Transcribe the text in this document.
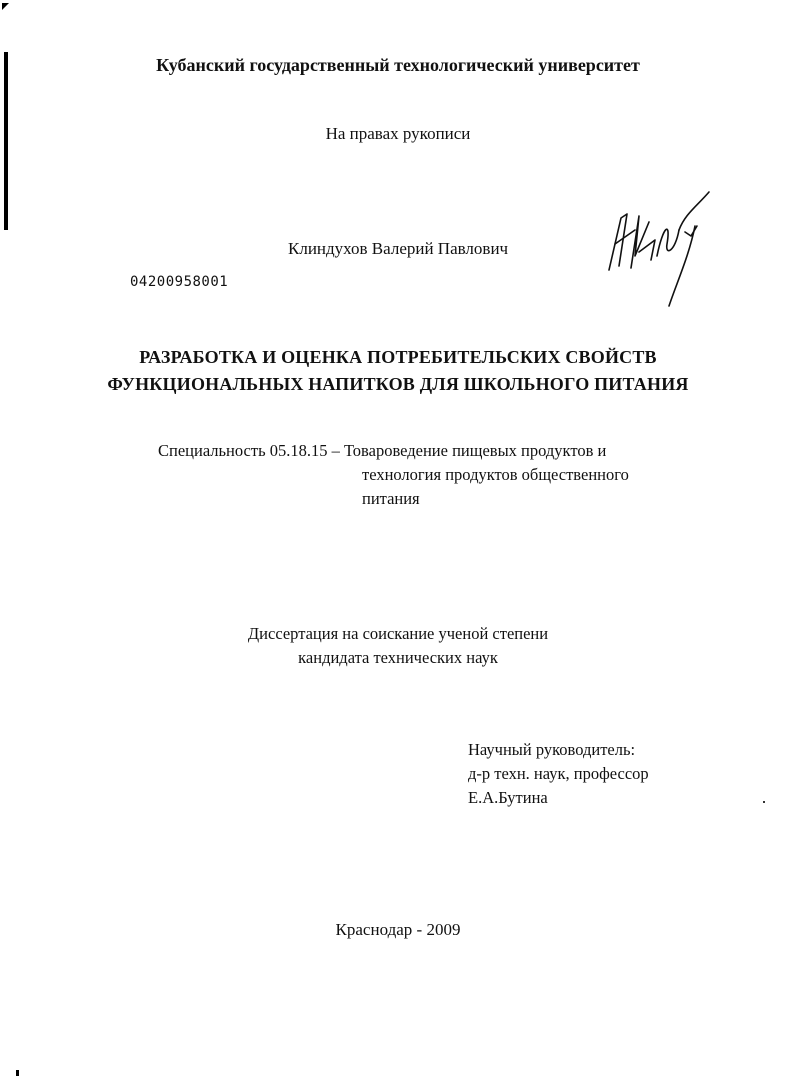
Кубанский государственный технологический университет
На правах рукописи
Клиндухов Валерий Павлович
04200958001
РАЗРАБОТКА И ОЦЕНКА ПОТРЕБИТЕЛЬСКИХ СВОЙСТВ
ФУНКЦИОНАЛЬНЫХ НАПИТКОВ ДЛЯ ШКОЛЬНОГО ПИТАНИЯ
Специальность 05.18.15 – Товароведение пищевых продуктов и
технология продуктов общественного
питания
Диссертация на соискание ученой степени
кандидата технических наук
Научный руководитель:
д-р техн. наук, профессор
Е.А.Бутина
Краснодар - 2009
